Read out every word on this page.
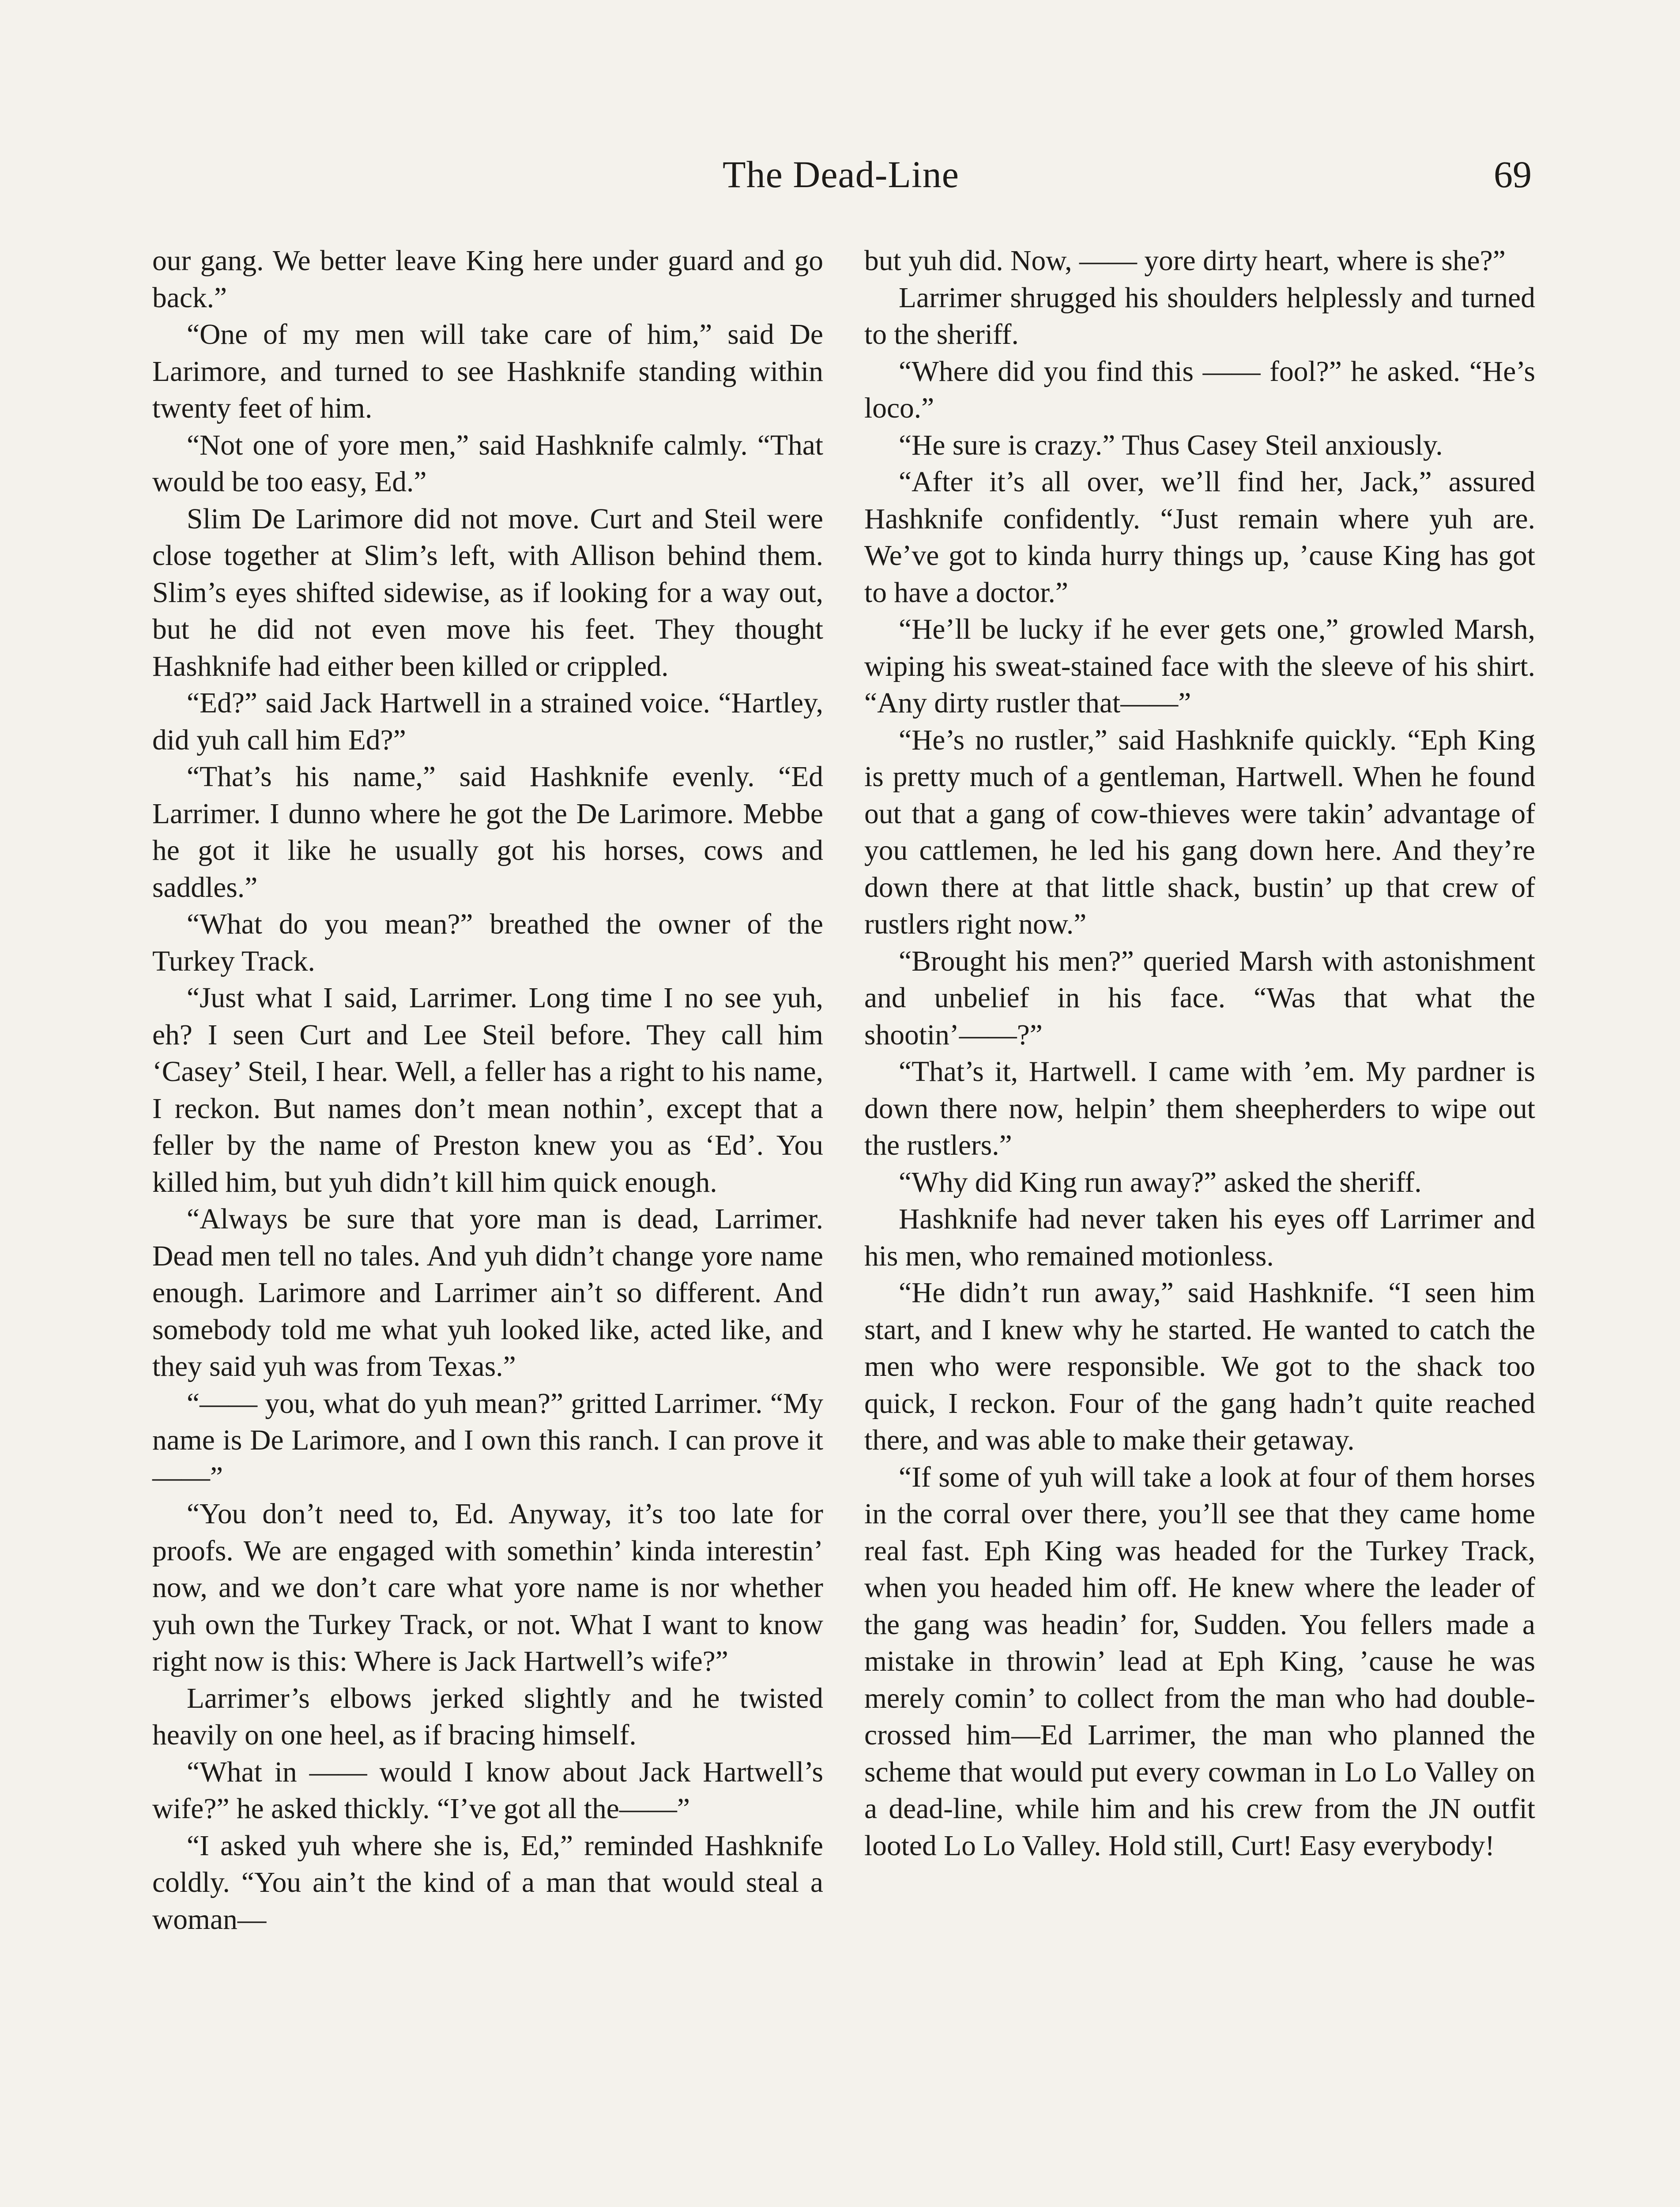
The Dead-Line	69

our gang. We better leave King here under guard and go back.”

“One of my men will take care of him,” said De Larimore, and turned to see Hashknife standing within twenty feet of him.

“Not one of yore men,” said Hashknife calmly. “That would be too easy, Ed.”

Slim De Larimore did not move. Curt and Steil were close together at Slim’s left, with Allison behind them. Slim’s eyes shifted sidewise, as if looking for a way out, but he did not even move his feet. They thought Hashknife had either been killed or crippled.

“Ed?” said Jack Hartwell in a strained voice. “Hartley, did yuh call him Ed?”

“That’s his name,” said Hashknife evenly. “Ed Larrimer. I dunno where he got the De Larimore. Mebbe he got it like he usually got his horses, cows and saddles.”

“What do you mean?” breathed the owner of the Turkey Track.

“Just what I said, Larrimer. Long time I no see yuh, eh? I seen Curt and Lee Steil before. They call him ‘Casey’ Steil, I hear. Well, a feller has a right to his name, I reckon. But names don’t mean nothin’, except that a feller by the name of Preston knew you as ‘Ed’. You killed him, but yuh didn’t kill him quick enough.

“Always be sure that yore man is dead, Larrimer. Dead men tell no tales. And yuh didn’t change yore name enough. Larimore and Larrimer ain’t so different. And somebody told me what yuh looked like, acted like, and they said yuh was from Texas.”

“—— you, what do yuh mean?” gritted Larrimer. “My name is De Larimore, and I own this ranch. I can prove it——”

“You don’t need to, Ed. Anyway, it’s too late for proofs. We are engaged with somethin’ kinda interestin’ now, and we don’t care what yore name is nor whether yuh own the Turkey Track, or not. What I want to know right now is this: Where is Jack Hartwell’s wife?”

Larrimer’s elbows jerked slightly and he twisted heavily on one heel, as if bracing himself.

“What in —— would I know about Jack Hartwell’s wife?” he asked thickly. “I’ve got all the——”

“I asked yuh where she is, Ed,” reminded Hashknife coldly. “You ain’t the kind of a man that would steal a woman—

but yuh did. Now, —— yore dirty heart, where is she?”

Larrimer shrugged his shoulders helplessly and turned to the sheriff.

“Where did you find this —— fool?” he asked. “He’s loco.”

“He sure is crazy.” Thus Casey Steil anxiously.

“After it’s all over, we’ll find her, Jack,” assured Hashknife confidently. “Just remain where yuh are. We’ve got to kinda hurry things up, ’cause King has got to have a doctor.”

“He’ll be lucky if he ever gets one,” growled Marsh, wiping his sweat-stained face with the sleeve of his shirt. “Any dirty rustler that——”

“He’s no rustler,” said Hashknife quickly. “Eph King is pretty much of a gentleman, Hartwell. When he found out that a gang of cow-thieves were takin’ advantage of you cattlemen, he led his gang down here. And they’re down there at that little shack, bustin’ up that crew of rustlers right now.”

“Brought his men?” queried Marsh with astonishment and unbelief in his face. “Was that what the shootin’——?”

“That’s it, Hartwell. I came with ’em. My pardner is down there now, helpin’ them sheepherders to wipe out the rustlers.”

“Why did King run away?” asked the sheriff.

Hashknife had never taken his eyes off Larrimer and his men, who remained motionless.

“He didn’t run away,” said Hashknife. “I seen him start, and I knew why he started. He wanted to catch the men who were responsible. We got to the shack too quick, I reckon. Four of the gang hadn’t quite reached there, and was able to make their getaway.

“If some of yuh will take a look at four of them horses in the corral over there, you’ll see that they came home real fast. Eph King was headed for the Turkey Track, when you headed him off. He knew where the leader of the gang was headin’ for, Sudden. You fellers made a mistake in throwin’ lead at Eph King, ’cause he was merely comin’ to collect from the man who had double-crossed him—Ed Larrimer, the man who planned the scheme that would put every cowman in Lo Lo Valley on a dead-line, while him and his crew from the JN outfit looted Lo Lo Valley. Hold still, Curt! Easy everybody!
